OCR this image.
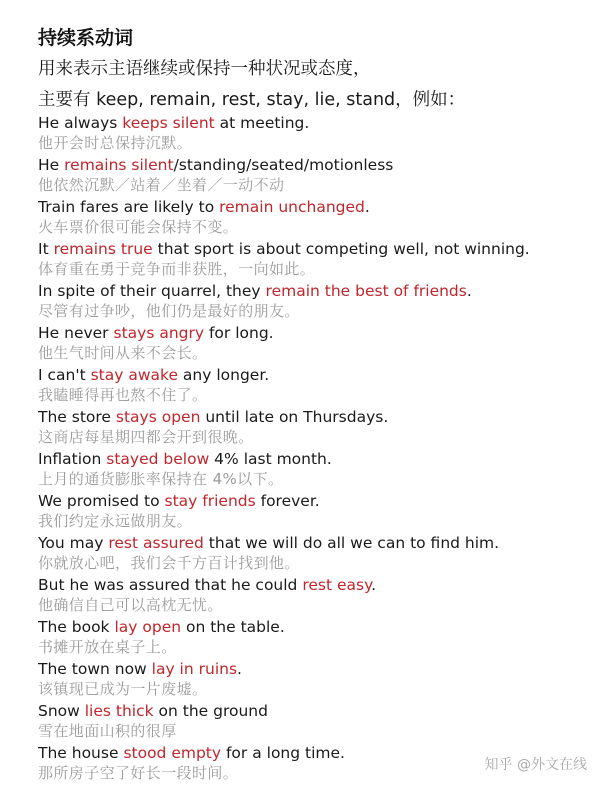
持续系动词
用来表示主语继续或保持一种状况或态度，
主要有 keep, remain, rest, stay, lie, stand，例如：
He always keeps silent at meeting.
他开会时总保持沉默。
He remains silent/standing/seated/motionless
他依然沉默／站着／坐着／一动不动
Train fares are likely to remain unchanged.
火车票价很可能会保持不变。
It remains true that sport is about competing well, not winning.
体育重在勇于竞争而非获胜，一向如此。
In spite of their quarrel, they remain the best of friends.
尽管有过争吵，他们仍是最好的朋友。
He never stays angry for long.
他生气时间从来不会长。
I can't stay awake any longer.
我瞌睡得再也熬不住了。
The store stays open until late on Thursdays.
这商店每星期四都会开到很晚。
Inflation stayed below 4% last month.
上月的通货膨胀率保持在 4%以下。
We promised to stay friends forever.
我们约定永远做朋友。
You may rest assured that we will do all we can to find him.
你就放心吧，我们会千方百计找到他。
But he was assured that he could rest easy.
他确信自己可以高枕无忧。
The book lay open on the table.
书摊开放在桌子上。
The town now lay in ruins.
该镇现已成为一片废墟。
Snow lies thick on the ground
雪在地面山积的很厚
The house stood empty for a long time.
那所房子空了好长一段时间。	知乎 @外文在线
